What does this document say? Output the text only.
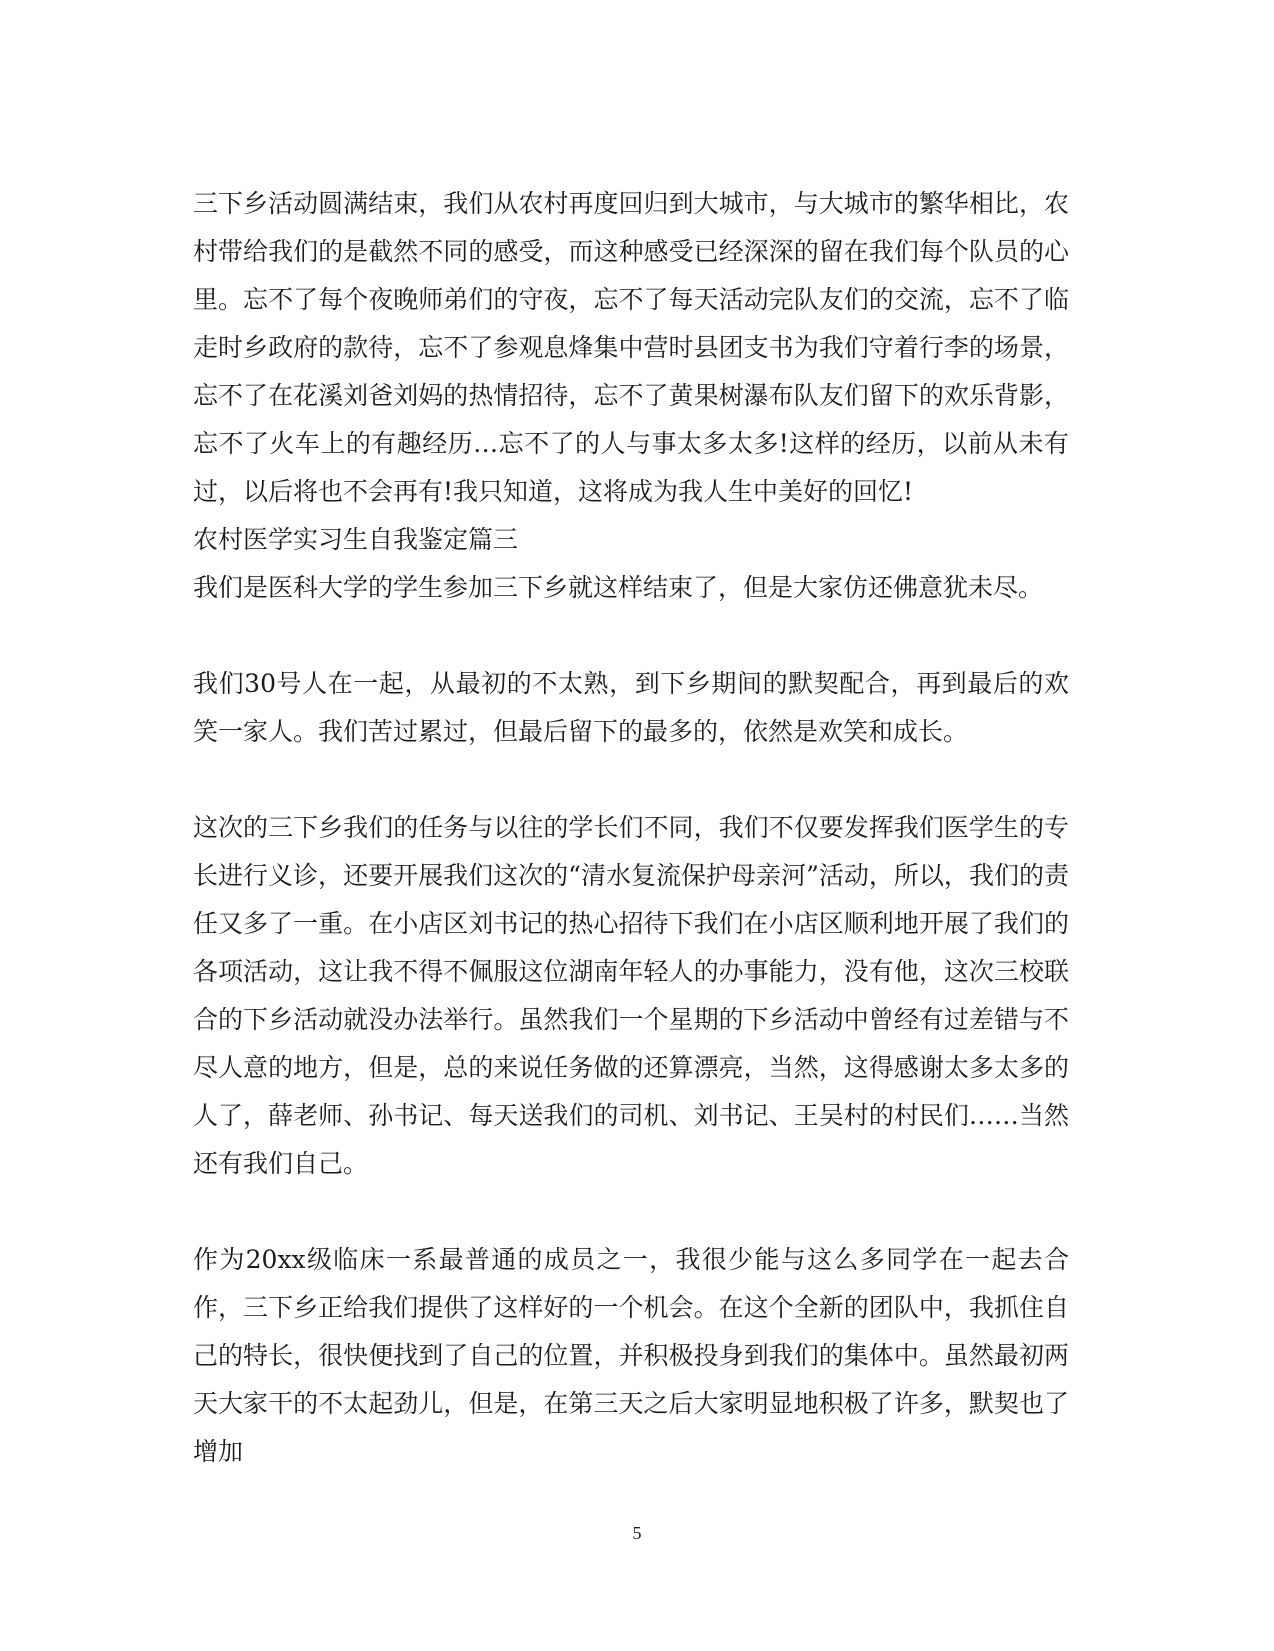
三下乡活动圆满结束，我们从农村再度回归到大城市，与大城市的繁华相比，农村带给我们的是截然不同的感受，而这种感受已经深深的留在我们每个队员的心里。忘不了每个夜晚师弟们的守夜，忘不了每天活动完队友们的交流，忘不了临走时乡政府的款待，忘不了参观息烽集中营时县团支书为我们守着行李的场景，忘不了在花溪刘爸刘妈的热情招待，忘不了黄果树瀑布队友们留下的欢乐背影，忘不了火车上的有趣经历…忘不了的人与事太多太多!这样的经历，以前从未有过，以后将也不会再有!我只知道，这将成为我人生中美好的回忆!

农村医学实习生自我鉴定篇三

我们是医科大学的学生参加三下乡就这样结束了，但是大家仿还佛意犹未尽。

我们30号人在一起，从最初的不太熟，到下乡期间的默契配合，再到最后的欢笑一家人。我们苦过累过，但最后留下的最多的，依然是欢笑和成长。

这次的三下乡我们的任务与以往的学长们不同，我们不仅要发挥我们医学生的专长进行义诊，还要开展我们这次的“清水复流保护母亲河”活动，所以，我们的责任又多了一重。在小店区刘书记的热心招待下我们在小店区顺利地开展了我们的各项活动，这让我不得不佩服这位湖南年轻人的办事能力，没有他，这次三校联合的下乡活动就没办法举行。虽然我们一个星期的下乡活动中曾经有过差错与不尽人意的地方，但是，总的来说任务做的还算漂亮，当然，这得感谢太多太多的人了，薛老师、孙书记、每天送我们的司机、刘书记、王吴村的村民们……当然还有我们自己。

作为20xx级临床一系最普通的成员之一，我很少能与这么多同学在一起去合作，三下乡正给我们提供了这样好的一个机会。在这个全新的团队中，我抓住自己的特长，很快便找到了自己的位置，并积极投身到我们的集体中。虽然最初两天大家干的不太起劲儿，但是，在第三天之后大家明显地积极了许多，默契也了增加

5
